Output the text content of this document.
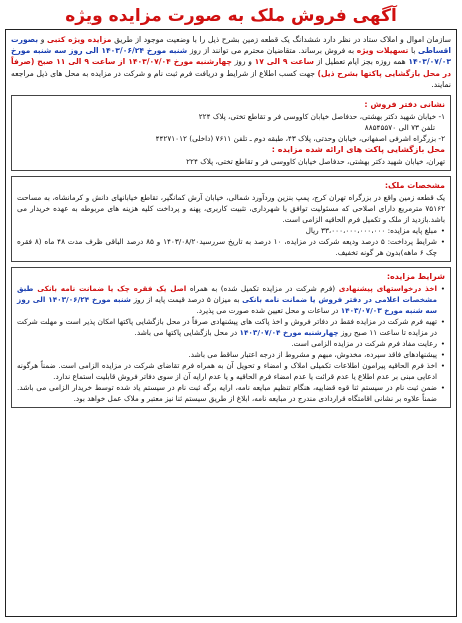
آگهی فروش ملک به صورت مزایده ویژه
سازمان اموال و املاک ستاد در نظر دارد ششدانگ یک قطعه زمین بشرح ذیل را با وضعیت موجود از طریق مزایده ویژه کتبی و بصورت اقساطی با تسهیلات ویژه به فروش برساند. متقاضیان محترم می توانند از روز شنبه مورخ ۱۴۰۳/۰۶/۲۴ الی روز سه شنبه مورخ ۱۴۰۳/۰۷/۰۳ همه روزه بجز ایام تعطیل از ساعت ۹ الی ۱۷ و روز چهارشنبه مورخ ۱۴۰۳/۰۷/۰۴ از ساعت ۹ الی ۱۱ صبح (صرفاً در محل بازگشایی پاکتها بشرح ذیل) جهت کسب اطلاع از شرایط و دریافت فرم ثبت نام و شرکت در مزایده به محل های ذیل مراجعه نمایند.
نشانی دفتر فروش :
۱- خیابان شهید دکتر بهشتی، حدفاصل خیابان کاووسی فر و تقاطع تختی، پلاک ۲۲۴
تلفن ۷۳ الی ۸۸۵۴۵۵۷۰
۲- بزرگراه اشرفی اصفهانی، خیابان وحدتی، پلاک ۴۳، طبقه دوم ـ تلفن ۷۶۱۱ (داخلی) ۴۴۲۷۱۰۱۲
محل بازگشایی پاکت های ارائه شده مزایده :
تهران، خیابان شهید دکتر بهشتی، حدفاصل خیابان کاووسی فر و تقاطع تختی، پلاک ۲۲۴
مشخصات ملک:
یک قطعه زمین واقع در بزرگراه تهران کرج، پمپ بنزین وردآورد شمالی، خیابان آرش کمانگیر، تقاطع خیابانهای دانش و کرمانشاه، به مساحت ۷۵۱۶۲ مترمربع دارای اصلاحی که مسئولیت توافق با شهرداری، تثبیت کاربری، پهنه و پرداخت کلیه هزینه های مربوطه به عهده خریدار می باشد.بازدید از ملک و تکمیل فرم الحاقیه الزامی است.
• مبلغ پایه مزایده: ۳۳،۰۰۰،۰۰۰،۰۰۰،۰۰۰ ریال
• شرایط پرداخت: ۵ درصد ودیعه شرکت در مزایده، ۱۰ درصد به تاریخ سررسید۱۴۰۳/۰۸/۲۰ و ۸۵ درصد الباقی ظرف مدت ۴۸ ماه (۸ فقره چک ۶ ماهه)بدون هر گونه تخفیف.
شرایط مزایده:
• اخذ درخواستهای پیشنهادی (فرم شرکت در مزایده تکمیل شده) به همراه اصل یک فقره چک یا ضمانت نامه بانکی طبق مشخصات اعلامی در دفتر فروش یا ضمانت نامه بانکی به میزان ۵ درصد قیمت پایه از روز شنبه مورخ ۱۴۰۳/۰۶/۲۴ الی روز سه شنبه مورخ ۱۴۰۳/۰۷/۰۳ در ساعات و محل تعیین شده صورت می پذیرد.
• تهیه فرم شرکت در مزایده فقط در دفاتر فروش و اخذ پاکت های پیشنهادی صرفاً در محل بازگشایی پاکتها امکان پذیر است و مهلت شرکت در مزایده تا ساعت ۱۱ صبح روز چهارشنبه مورخ ۱۴۰۳/۰۷/۰۴ در محل بازگشایی پاکتها می باشد.
• رعایت مفاد فرم شرکت در مزایده الزامی است.
• پیشنهادهای فاقد سپرده، مخدوش، مبهم و مشروط از درجه اعتبار ساقط می باشد.
• اخذ فرم الحاقیه پیرامون اطلاعات تکمیلی املاک و امضاء و تحویل آن به همراه فرم تقاضای شرکت در مزایده الزامی است. ضمناً هرگونه ادعایی مبنی بر عدم اطلاع یا عدم قرائت یا عدم امضاء فرم الحاقیه و یا عدم ارایه آن از سوی دفاتر فروش قابلیت استماع ندارد.
• ضمن ثبت نام در سیستم ثنا قوه قضاییه، هنگام تنظیم مبایعه نامه، ارایه برگه ثبت نام در سیستم یاد شده توسط خریدار الزامی می باشد. ضمناً علاوه بر نشانی اقامتگاه قراردادی مندرج در مبایعه نامه، ابلاغ از طریق سیستم ثنا نیز معتبر و ملاک عمل خواهد بود.
